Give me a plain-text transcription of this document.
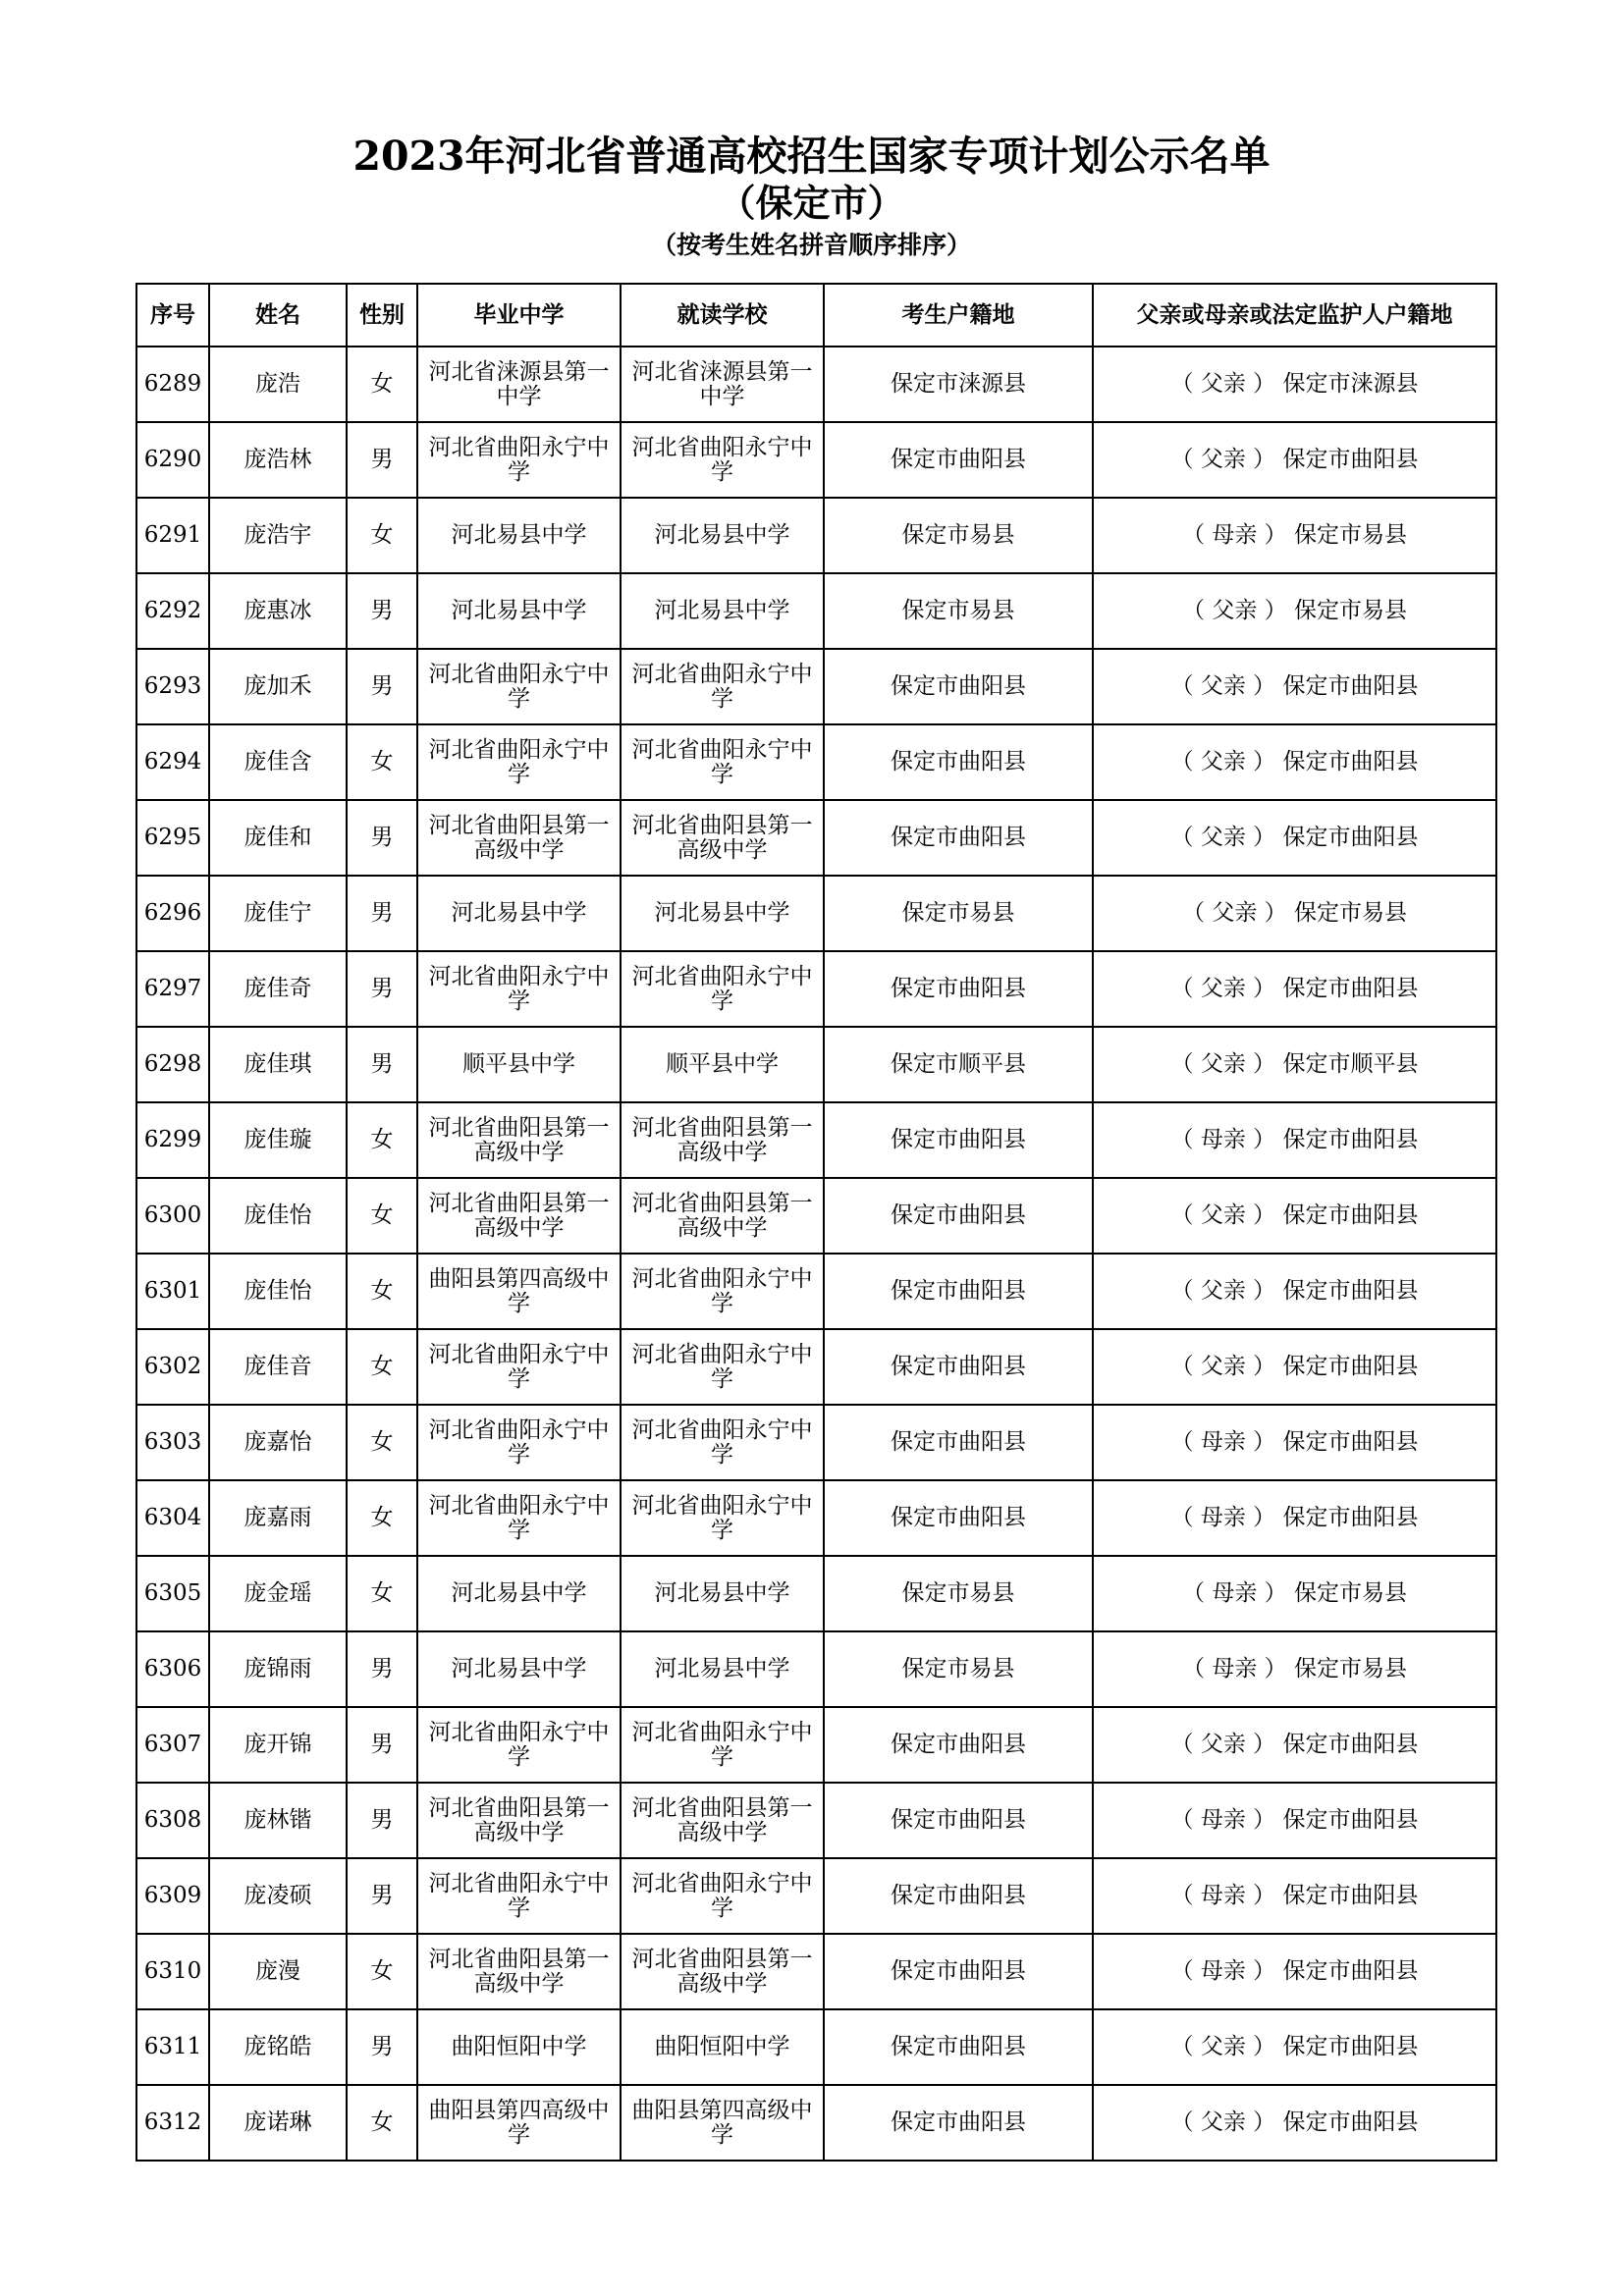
2023年河北省普通高校招生国家专项计划公示名单
（保定市）
（按考生姓名拼音顺序排序）
序号	姓名	性别	毕业中学	就读学校	考生户籍地	父亲或母亲或法定监护人户籍地
6289	庞浩	女	河北省涞源县第一中学	河北省涞源县第一中学	保定市涞源县	（ 父亲 ） 保定市涞源县
6290	庞浩林	男	河北省曲阳永宁中学	河北省曲阳永宁中学	保定市曲阳县	（ 父亲 ） 保定市曲阳县
6291	庞浩宇	女	河北易县中学	河北易县中学	保定市易县	（ 母亲 ） 保定市易县
6292	庞惠冰	男	河北易县中学	河北易县中学	保定市易县	（ 父亲 ） 保定市易县
6293	庞加禾	男	河北省曲阳永宁中学	河北省曲阳永宁中学	保定市曲阳县	（ 父亲 ） 保定市曲阳县
6294	庞佳含	女	河北省曲阳永宁中学	河北省曲阳永宁中学	保定市曲阳县	（ 父亲 ） 保定市曲阳县
6295	庞佳和	男	河北省曲阳县第一高级中学	河北省曲阳县第一高级中学	保定市曲阳县	（ 父亲 ） 保定市曲阳县
6296	庞佳宁	男	河北易县中学	河北易县中学	保定市易县	（ 父亲 ） 保定市易县
6297	庞佳奇	男	河北省曲阳永宁中学	河北省曲阳永宁中学	保定市曲阳县	（ 父亲 ） 保定市曲阳县
6298	庞佳琪	男	顺平县中学	顺平县中学	保定市顺平县	（ 父亲 ） 保定市顺平县
6299	庞佳璇	女	河北省曲阳县第一高级中学	河北省曲阳县第一高级中学	保定市曲阳县	（ 母亲 ） 保定市曲阳县
6300	庞佳怡	女	河北省曲阳县第一高级中学	河北省曲阳县第一高级中学	保定市曲阳县	（ 父亲 ） 保定市曲阳县
6301	庞佳怡	女	曲阳县第四高级中学	河北省曲阳永宁中学	保定市曲阳县	（ 父亲 ） 保定市曲阳县
6302	庞佳音	女	河北省曲阳永宁中学	河北省曲阳永宁中学	保定市曲阳县	（ 父亲 ） 保定市曲阳县
6303	庞嘉怡	女	河北省曲阳永宁中学	河北省曲阳永宁中学	保定市曲阳县	（ 母亲 ） 保定市曲阳县
6304	庞嘉雨	女	河北省曲阳永宁中学	河北省曲阳永宁中学	保定市曲阳县	（ 母亲 ） 保定市曲阳县
6305	庞金瑶	女	河北易县中学	河北易县中学	保定市易县	（ 母亲 ） 保定市易县
6306	庞锦雨	男	河北易县中学	河北易县中学	保定市易县	（ 母亲 ） 保定市易县
6307	庞开锦	男	河北省曲阳永宁中学	河北省曲阳永宁中学	保定市曲阳县	（ 父亲 ） 保定市曲阳县
6308	庞林锴	男	河北省曲阳县第一高级中学	河北省曲阳县第一高级中学	保定市曲阳县	（ 母亲 ） 保定市曲阳县
6309	庞凌硕	男	河北省曲阳永宁中学	河北省曲阳永宁中学	保定市曲阳县	（ 母亲 ） 保定市曲阳县
6310	庞漫	女	河北省曲阳县第一高级中学	河北省曲阳县第一高级中学	保定市曲阳县	（ 母亲 ） 保定市曲阳县
6311	庞铭皓	男	曲阳恒阳中学	曲阳恒阳中学	保定市曲阳县	（ 父亲 ） 保定市曲阳县
6312	庞诺琳	女	曲阳县第四高级中学	曲阳县第四高级中学	保定市曲阳县	（ 父亲 ） 保定市曲阳县
